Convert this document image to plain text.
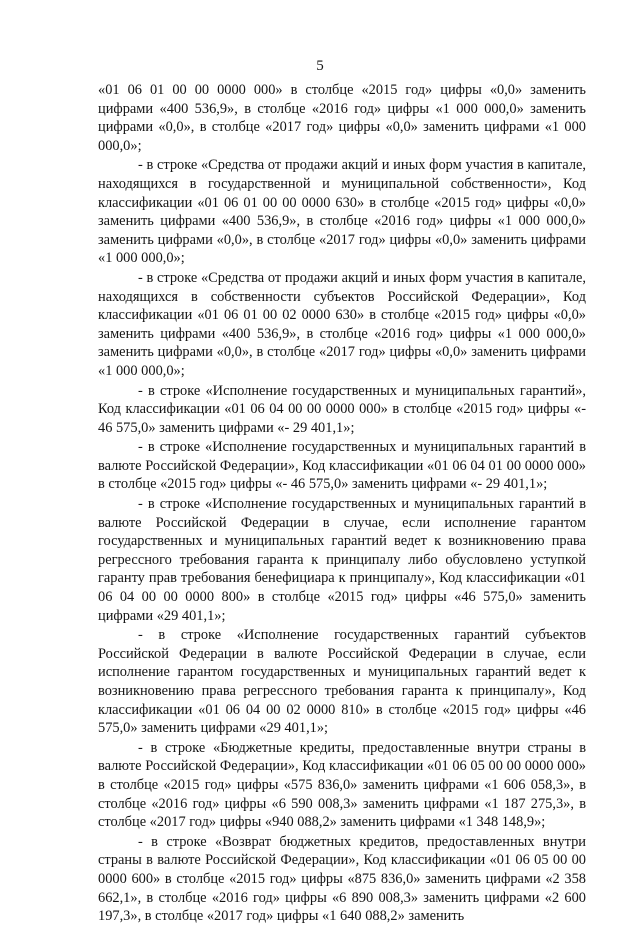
5

«01 06 01 00 00 0000 000» в столбце «2015 год» цифры «0,0» заменить цифрами «400 536,9», в столбце «2016 год» цифры «1 000 000,0» заменить цифрами «0,0», в столбце «2017 год» цифры «0,0» заменить цифрами «1 000 000,0»;

- в строке «Средства от продажи акций и иных форм участия в капитале, находящихся в государственной и муниципальной собственности», Код классификации «01 06 01 00 00 0000 630» в столбце «2015 год» цифры «0,0» заменить цифрами «400 536,9», в столбце «2016 год» цифры «1 000 000,0» заменить цифрами «0,0», в столбце «2017 год» цифры «0,0» заменить цифрами «1 000 000,0»;

- в строке «Средства от продажи акций и иных форм участия в капитале, находящихся в собственности субъектов Российской Федерации», Код классификации «01 06 01 00 02 0000 630» в столбце «2015 год» цифры «0,0» заменить цифрами «400 536,9», в столбце «2016 год» цифры «1 000 000,0» заменить цифрами «0,0», в столбце «2017 год» цифры «0,0» заменить цифрами «1 000 000,0»;

- в строке «Исполнение государственных и муниципальных гарантий», Код классификации «01 06 04 00 00 0000 000» в столбце «2015 год» цифры «- 46 575,0» заменить цифрами «- 29 401,1»;

- в строке «Исполнение государственных и муниципальных гарантий в валюте Российской Федерации», Код классификации «01 06 04 01 00 0000 000» в столбце «2015 год» цифры «- 46 575,0» заменить цифрами «- 29 401,1»;

- в строке «Исполнение государственных и муниципальных гарантий в валюте Российской Федерации в случае, если исполнение гарантом государственных и муниципальных гарантий ведет к возникновению права регрессного требования гаранта к принципалу либо обусловлено уступкой гаранту прав требования бенефициара к принципалу», Код классификации «01 06 04 00 00 0000 800» в столбце «2015 год» цифры «46 575,0» заменить цифрами «29 401,1»;

- в строке «Исполнение государственных гарантий субъектов Российской Федерации в валюте Российской Федерации в случае, если исполнение гарантом государственных и муниципальных гарантий ведет к возникновению права регрессного требования гаранта к принципалу», Код классификации «01 06 04 00 02 0000 810» в столбце «2015 год» цифры «46 575,0» заменить цифрами «29 401,1»;

- в строке «Бюджетные кредиты, предоставленные внутри страны в валюте Российской Федерации», Код классификации «01 06 05 00 00 0000 000» в столбце «2015 год» цифры «575 836,0» заменить цифрами «1 606 058,3», в столбце «2016 год» цифры «6 590 008,3» заменить цифрами «1 187 275,3», в столбце «2017 год» цифры «940 088,2» заменить цифрами «1 348 148,9»;

- в строке «Возврат бюджетных кредитов, предоставленных внутри страны в валюте Российской Федерации», Код классификации «01 06 05 00 00 0000 600» в столбце «2015 год» цифры «875 836,0» заменить цифрами «2 358 662,1», в столбце «2016 год» цифры «6 890 008,3» заменить цифрами «2 600 197,3», в столбце «2017 год» цифры «1 640 088,2» заменить
